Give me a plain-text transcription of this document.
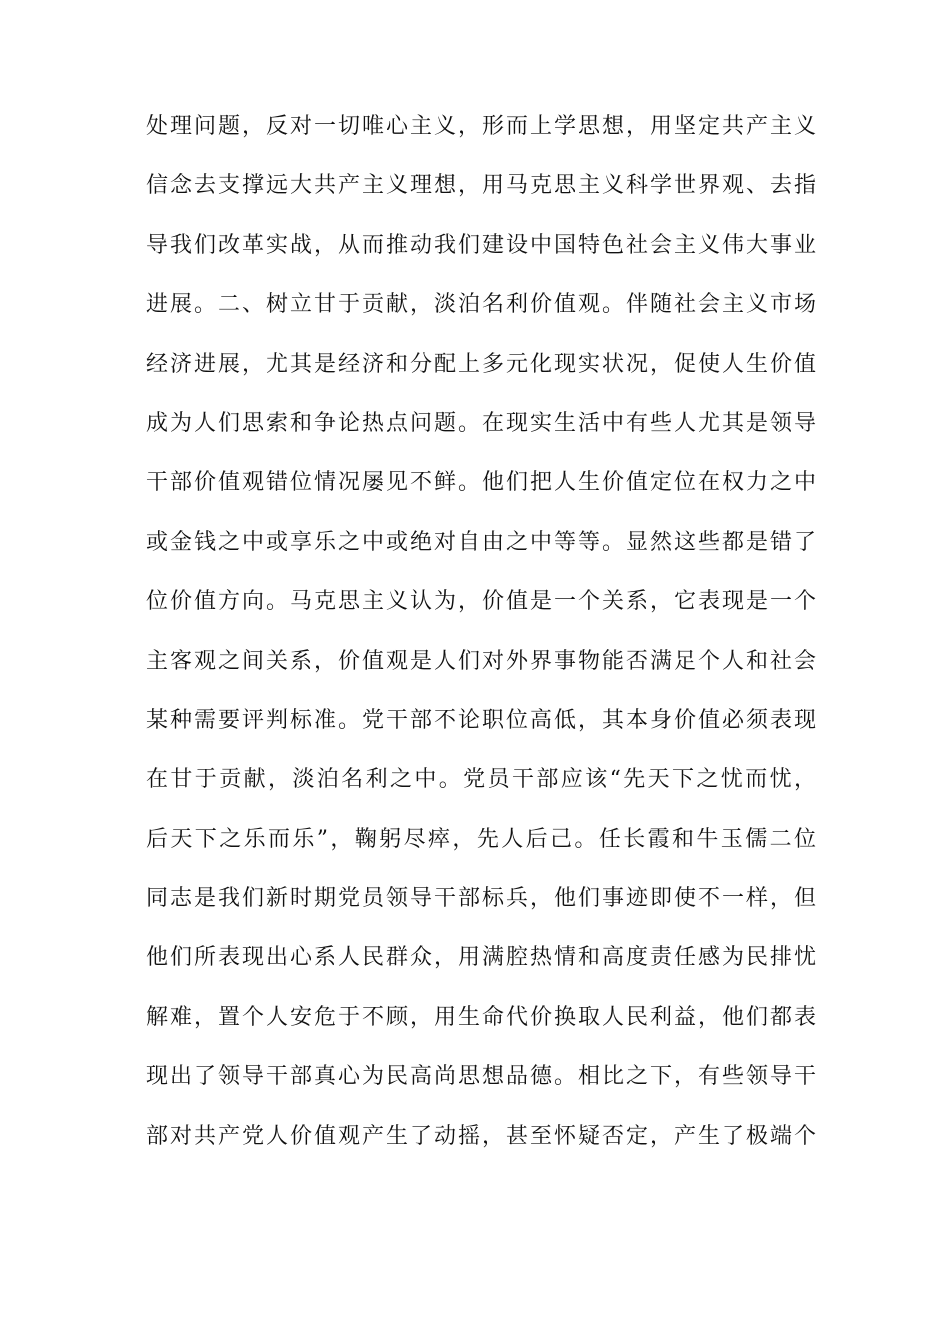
处理问题，反对一切唯心主义，形而上学思想，用坚定共产主义
信念去支撑远大共产主义理想，用马克思主义科学世界观、去指
导我们改革实战，从而推动我们建设中国特色社会主义伟大事业
进展。二、树立甘于贡献，淡泊名利价值观。伴随社会主义市场
经济进展，尤其是经济和分配上多元化现实状况，促使人生价值
成为人们思索和争论热点问题。在现实生活中有些人尤其是领导
干部价值观错位情况屡见不鲜。他们把人生价值定位在权力之中
或金钱之中或享乐之中或绝对自由之中等等。显然这些都是错了
位价值方向。马克思主义认为，价值是一个关系，它表现是一个
主客观之间关系，价值观是人们对外界事物能否满足个人和社会
某种需要评判标准。党干部不论职位高低，其本身价值必须表现
在甘于贡献，淡泊名利之中。党员干部应该“先天下之忧而忧，
后天下之乐而乐”，鞠躬尽瘁，先人后己。任长霞和牛玉儒二位
同志是我们新时期党员领导干部标兵，他们事迹即使不一样，但
他们所表现出心系人民群众，用满腔热情和高度责任感为民排忧
解难，置个人安危于不顾，用生命代价换取人民利益，他们都表
现出了领导干部真心为民高尚思想品德。相比之下，有些领导干
部对共产党人价值观产生了动摇，甚至怀疑否定，产生了极端个
